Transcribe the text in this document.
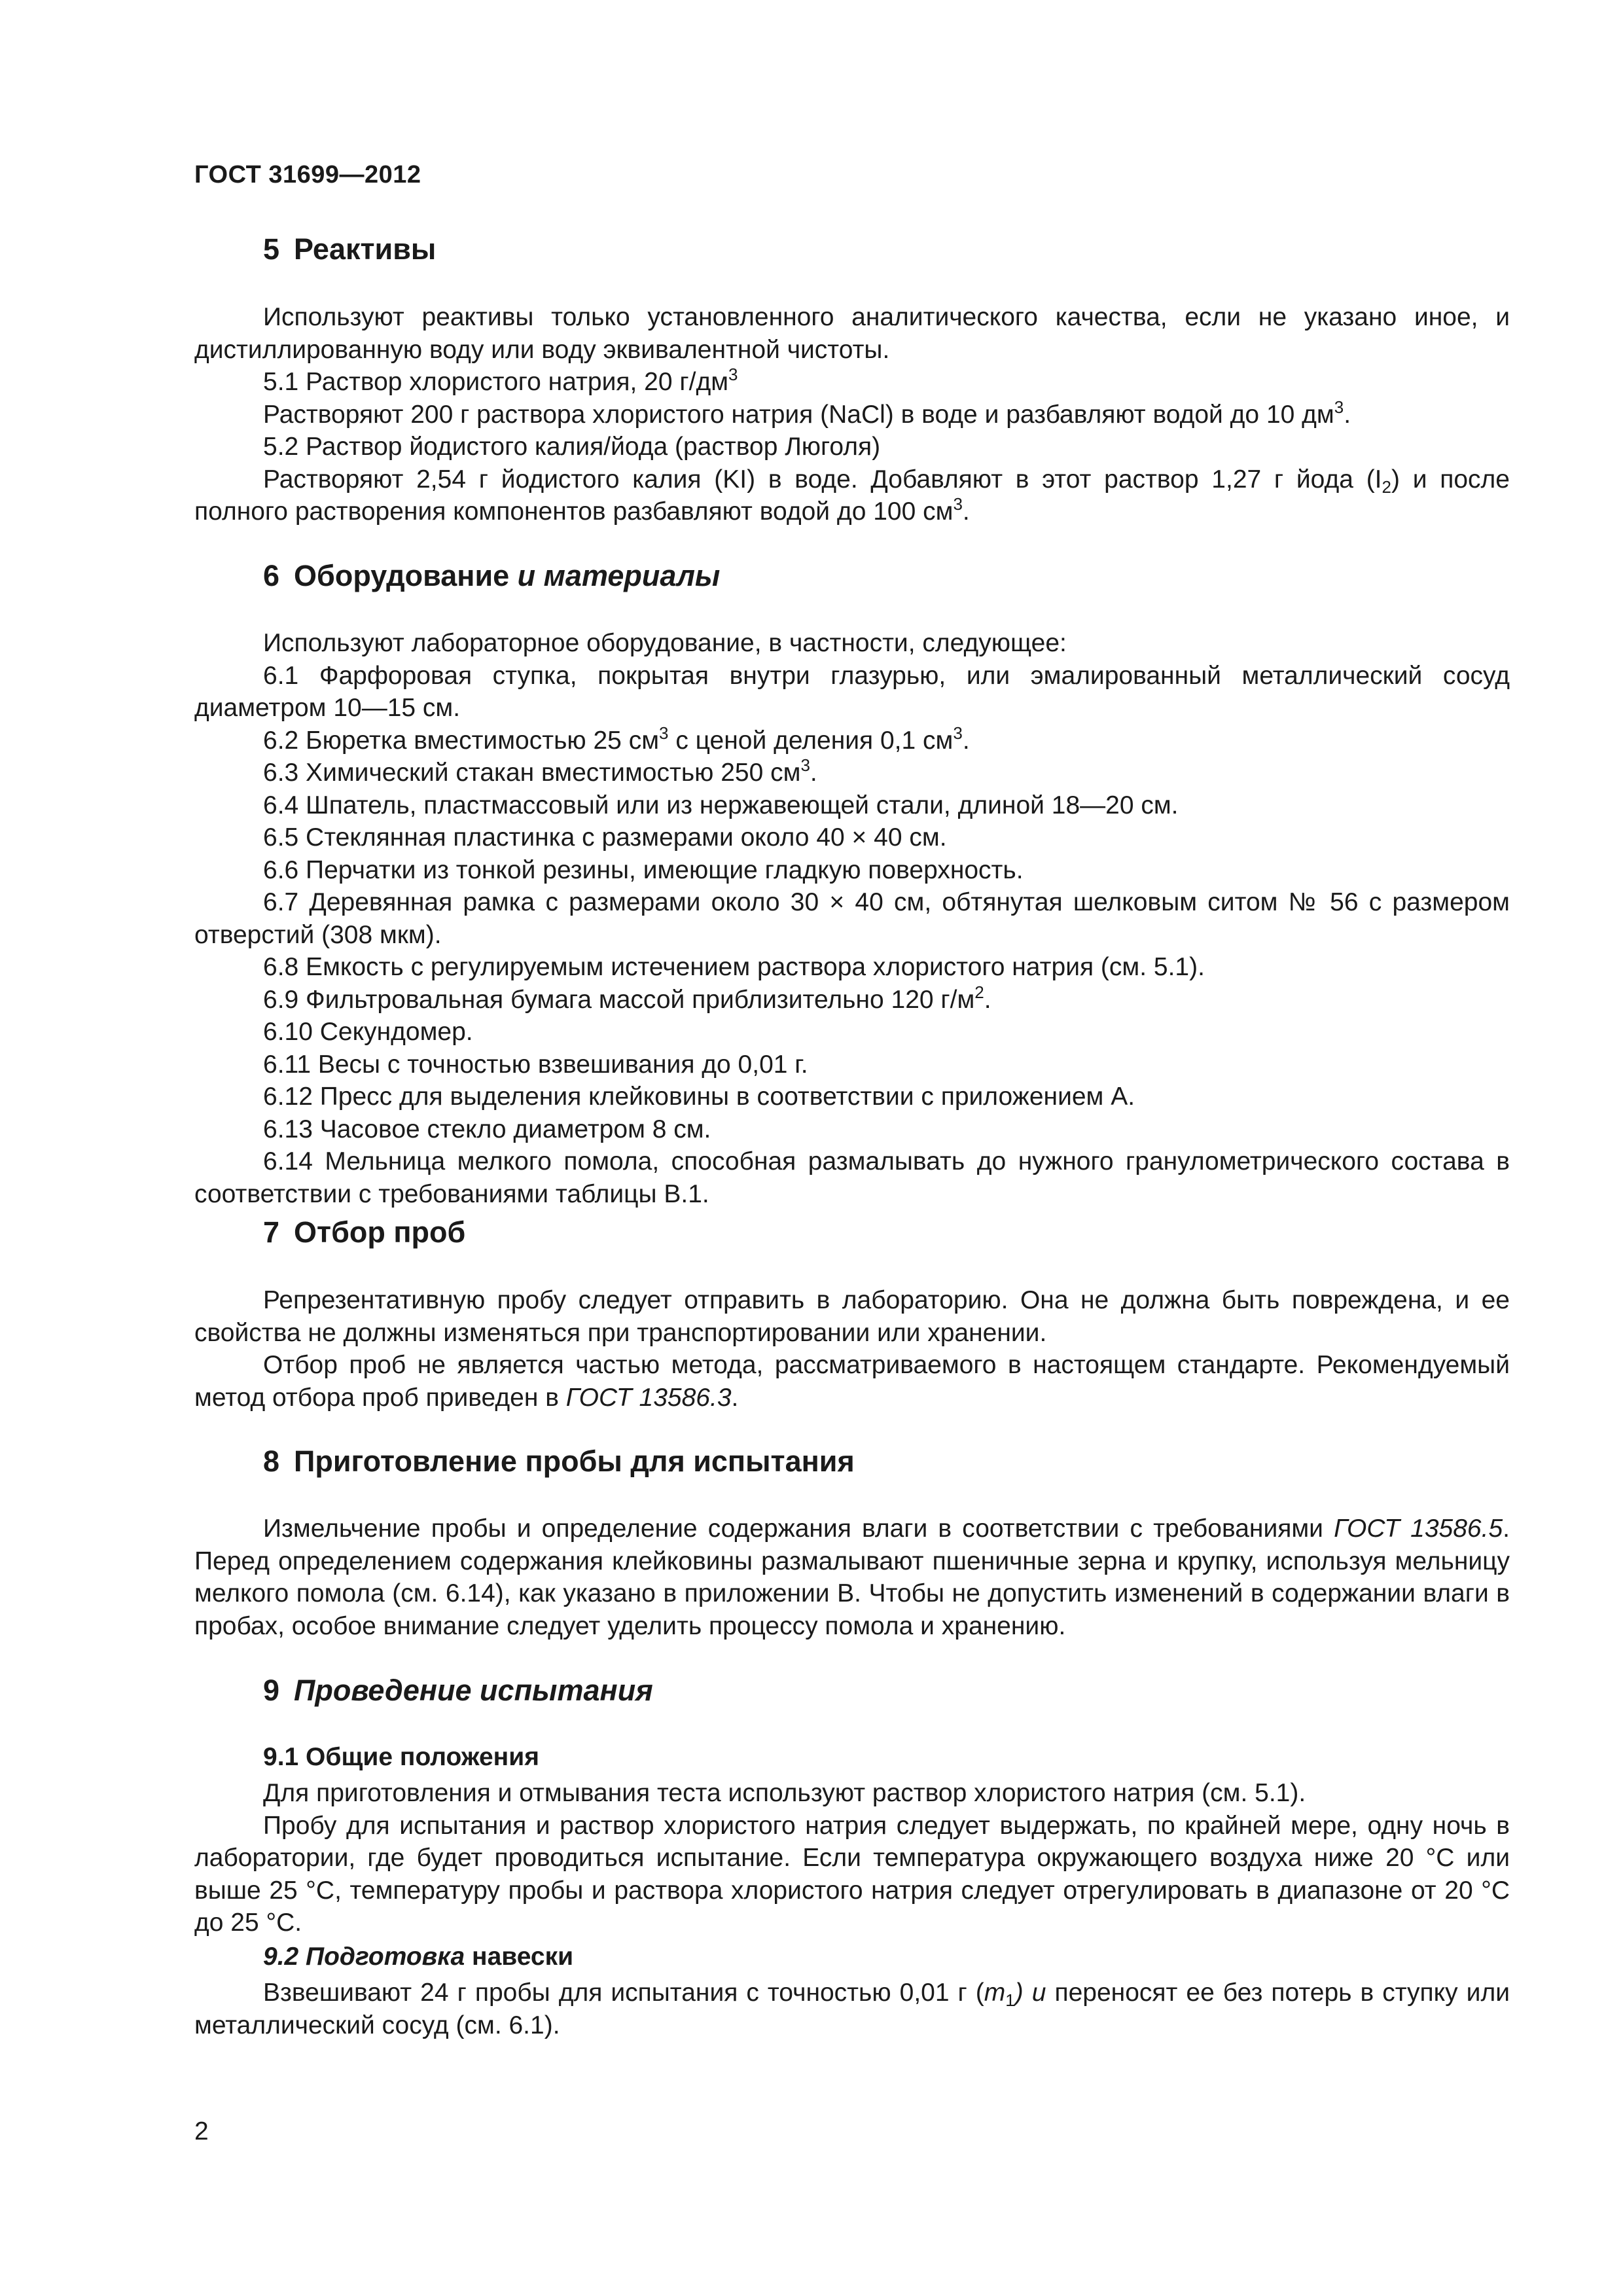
ГОСТ 31699—2012
5 Реактивы

Используют реактивы только установленного аналитического качества, если не указано иное, и дистиллированную воду или воду эквивалентной чистоты.

5.1 Раствор хлористого натрия, 20 $г/дм^3$

Растворяют 200 г раствора хлористого натрия (NaCl) в воде и разбавляют водой до 10 $дм^3$.

5.2 Раствор йодистого калия/йода (раствор Люголя)

Растворяют 2,54 г йодистого калия (KI) в воде. Добавляют в этот раствор 1,27 г йода $(I_2)$ и после полного растворения компонентов разбавляют водой до 100 $см^3$.

6 Оборудование и материалы

Используют лабораторное оборудование, в частности, следующее:

6.1 Фарфоровая ступка, покрытая внутри глазурью, или эмалированный металлический сосуд диаметром 10—15 см.

6.2 Бюретка вместимостью 25 $см^3$ с ценой деления 0,1 $см^3$.

6.3 Химический стакан вместимостью 250 $см^3$.

6.4 Шпатель, пластмассовый или из нержавеющей стали, длиной 18—20 см.

6.5 Стеклянная пластинка с размерами около 40 × 40 см.

6.6 Перчатки из тонкой резины, имеющие гладкую поверхность.

6.7 Деревянная рамка с размерами около 30 × 40 см, обтянутая шелковым ситом № 56 с размером отверстий (308 мкм).

6.8 Емкость с регулируемым истечением раствора хлористого натрия (см. 5.1).

6.9 Фильтровальная бумага массой приблизительно 120 $г/м^2$.

6.10 Секундомер.

6.11 Весы с точностью взвешивания до 0,01 г.

6.12 Пресс для выделения клейковины в соответствии с приложением А.

6.13 Часовое стекло диаметром 8 см.

6.14 Мельница мелкого помола, способная размалывать до нужного гранулометрического состава в соответствии с требованиями таблицы В.1.

7 Отбор проб

Репрезентативную пробу следует отправить в лабораторию. Она не должна быть повреждена, и ее свойства не должны изменяться при транспортировании или хранении.

Отбор проб не является частью метода, рассматриваемого в настоящем стандарте. Рекомендуемый метод отбора проб приведен в ГОСТ 13586.3.

8 Приготовление пробы для испытания

Измельчение пробы и определение содержания влаги в соответствии с требованиями ГОСТ 13586.5. Перед определением содержания клейковины размалывают пшеничные зерна и крупку, используя мельницу мелкого помола (см. 6.14), как указано в приложении В. Чтобы не допустить изменений в содержании влаги в пробах, особое внимание следует уделить процессу помола и хранению.

9 Проведение испытания
9.1 Общие положения

Для приготовления и отмывания теста используют раствор хлористого натрия (см. 5.1).

Пробу для испытания и раствор хлористого натрия следует выдержать, по крайней мере, одну ночь в лаборатории, где будет проводиться испытание. Если температура окружающего воздуха ниже 20 °С или выше 25 °С, температуру пробы и раствора хлористого натрия следует отрегулировать в диапазоне от 20 °С до 25 °С.

9.2 Подготовка навески

Взвешивают 24 г пробы для испытания с точностью 0,01 г $(m_1)$ и переносят ее без потерь в ступку или металлический сосуд (см. 6.1).

2
